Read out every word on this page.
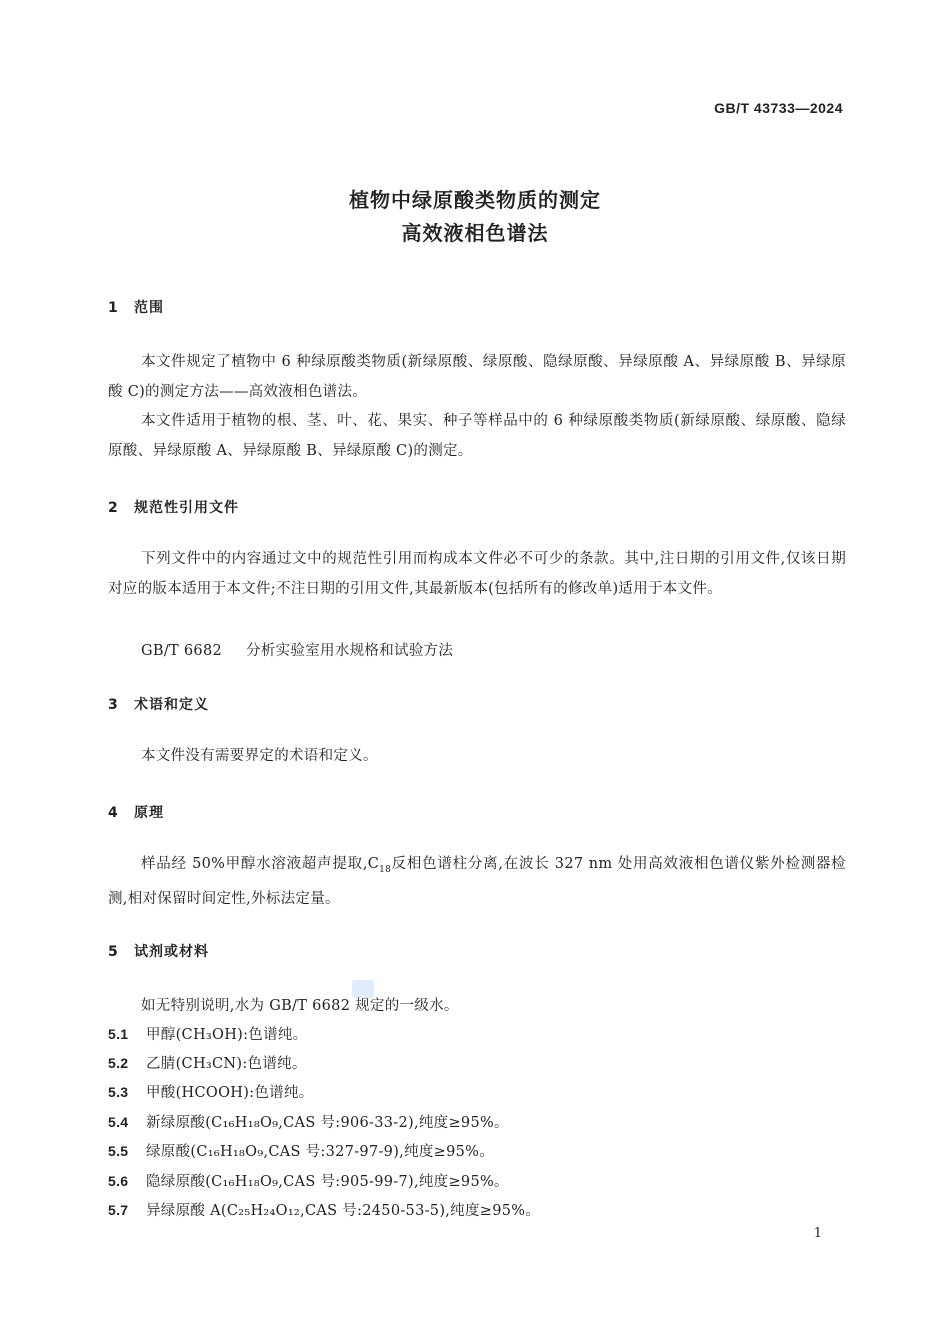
GB/T 43733—2024
植物中绿原酸类物质的测定
高效液相色谱法
1 范围
本文件规定了植物中 6 种绿原酸类物质(新绿原酸、绿原酸、隐绿原酸、异绿原酸 A、异绿原酸 B、异绿原酸 C)的测定方法——高效液相色谱法。
本文件适用于植物的根、茎、叶、花、果实、种子等样品中的 6 种绿原酸类物质(新绿原酸、绿原酸、隐绿原酸、异绿原酸 A、异绿原酸 B、异绿原酸 C)的测定。
2 规范性引用文件
下列文件中的内容通过文中的规范性引用而构成本文件必不可少的条款。其中,注日期的引用文件,仅该日期对应的版本适用于本文件;不注日期的引用文件,其最新版本(包括所有的修改单)适用于本文件。
GB/T 6682 分析实验室用水规格和试验方法
3 术语和定义
本文件没有需要界定的术语和定义。
4 原理
样品经 50%甲醇水溶液超声提取$,C_{18}$反相色谱柱分离,在波长 327 nm 处用高效液相色谱仪紫外检测器检测,相对保留时间定性,外标法定量。
5 试剂或材料
如无特别说明,水为 GB/T 6682 规定的一级水。
5.1 甲醇(CH₃OH):色谱纯。
5.2 乙腈(CH₃CN):色谱纯。
5.3 甲酸(HCOOH):色谱纯。
5.4 新绿原酸(C₁₆H₁₈O₉,CAS 号:906-33-2),纯度≥95%。
5.5 绿原酸(C₁₆H₁₈O₉,CAS 号:327-97-9),纯度≥95%。
5.6 隐绿原酸(C₁₆H₁₈O₉,CAS 号:905-99-7),纯度≥95%。
5.7 异绿原酸 A(C₂₅H₂₄O₁₂,CAS 号:2450-53-5),纯度≥95%。
1
